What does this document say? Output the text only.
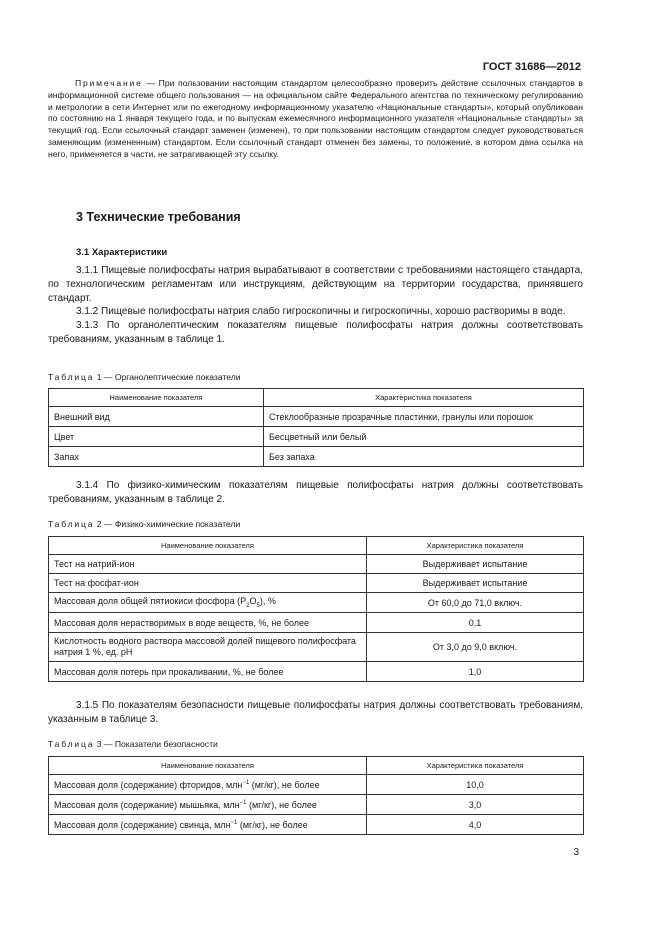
ГОСТ 31686—2012

Примечание — При пользовании настоящим стандартом целесообразно проверить действие ссылочных стандартов в информационной системе общего пользования — на официальном сайте Федерального агентства по техническому регулированию и метрологии в сети Интернет или по ежегодному информационному указателю «Национальные стандарты», который опубликован по состоянию на 1 января текущего года, и по выпускам ежемесячного информационного указателя «Национальные стандарты» за текущий год. Если ссылочный стандарт заменен (изменен), то при пользовании настоящим стандартом следует руководствоваться заменяющим (измененным) стандартом. Если ссылочный стандарт отменен без замены, то положение, в котором дана ссылка на него, применяется в части, не затрагивающей эту ссылку.

3 Технические требования
3.1 Характеристики

3.1.1 Пищевые полифосфаты натрия вырабатывают в соответствии с требованиями настоящего стандарта, по технологическим регламентам или инструкциям, действующим на территории государства, принявшего стандарт.

3.1.2 Пищевые полифосфаты натрия слабо гигроскопичны и гигроскопичны, хорошо растворимы в воде.

3.1.3 По органолептическим показателям пищевые полифосфаты натрия должны соответствовать требованиям, указанным в таблице 1.

Таблица 1 — Органолептические показатели
Наименование показателя	Характеристика показателя
Внешний вид	Стеклообразные прозрачные пластинки, гранулы или порошок
Цвет	Бесцветный или белый
Запах	Без запаха

3.1.4 По физико-химическим показателям пищевые полифосфаты натрия должны соответствовать требованиям, указанным в таблице 2.

Таблица 2 — Физико-химические показатели
Наименование показателя	Характеристика показателя
Тест на натрий-ион	Выдерживает испытание
Тест на фосфат-ион	Выдерживает испытание
Массовая доля общей пятиокиси фосфора $(P_2O_5)$, %	От 60,0 до 71,0 включ.
Массовая доля нерастворимых в воде веществ, %, не более	0,1
Кислотность водного раствора массовой долей пищевого полифосфата натрия 1 %, ед. pH	От 3,0 до 9,0 включ.
Массовая доля потерь при прокаливании, %, не более	1,0

3.1.5 По показателям безопасности пищевые полифосфаты натрия должны соответствовать требованиям, указанным в таблице 3.

Таблица 3 — Показатели безопасности
Наименование показателя	Характеристика показателя
Массовая доля (содержание) фторидов, млн$^{-1}$ (мг/кг), не более	10,0
Массовая доля (содержание) мышьяка, млн$^{-1}$ (мг/кг), не более	3,0
Массовая доля (содержание) свинца, млн$^{-1}$ (мг/кг), не более	4,0
3
